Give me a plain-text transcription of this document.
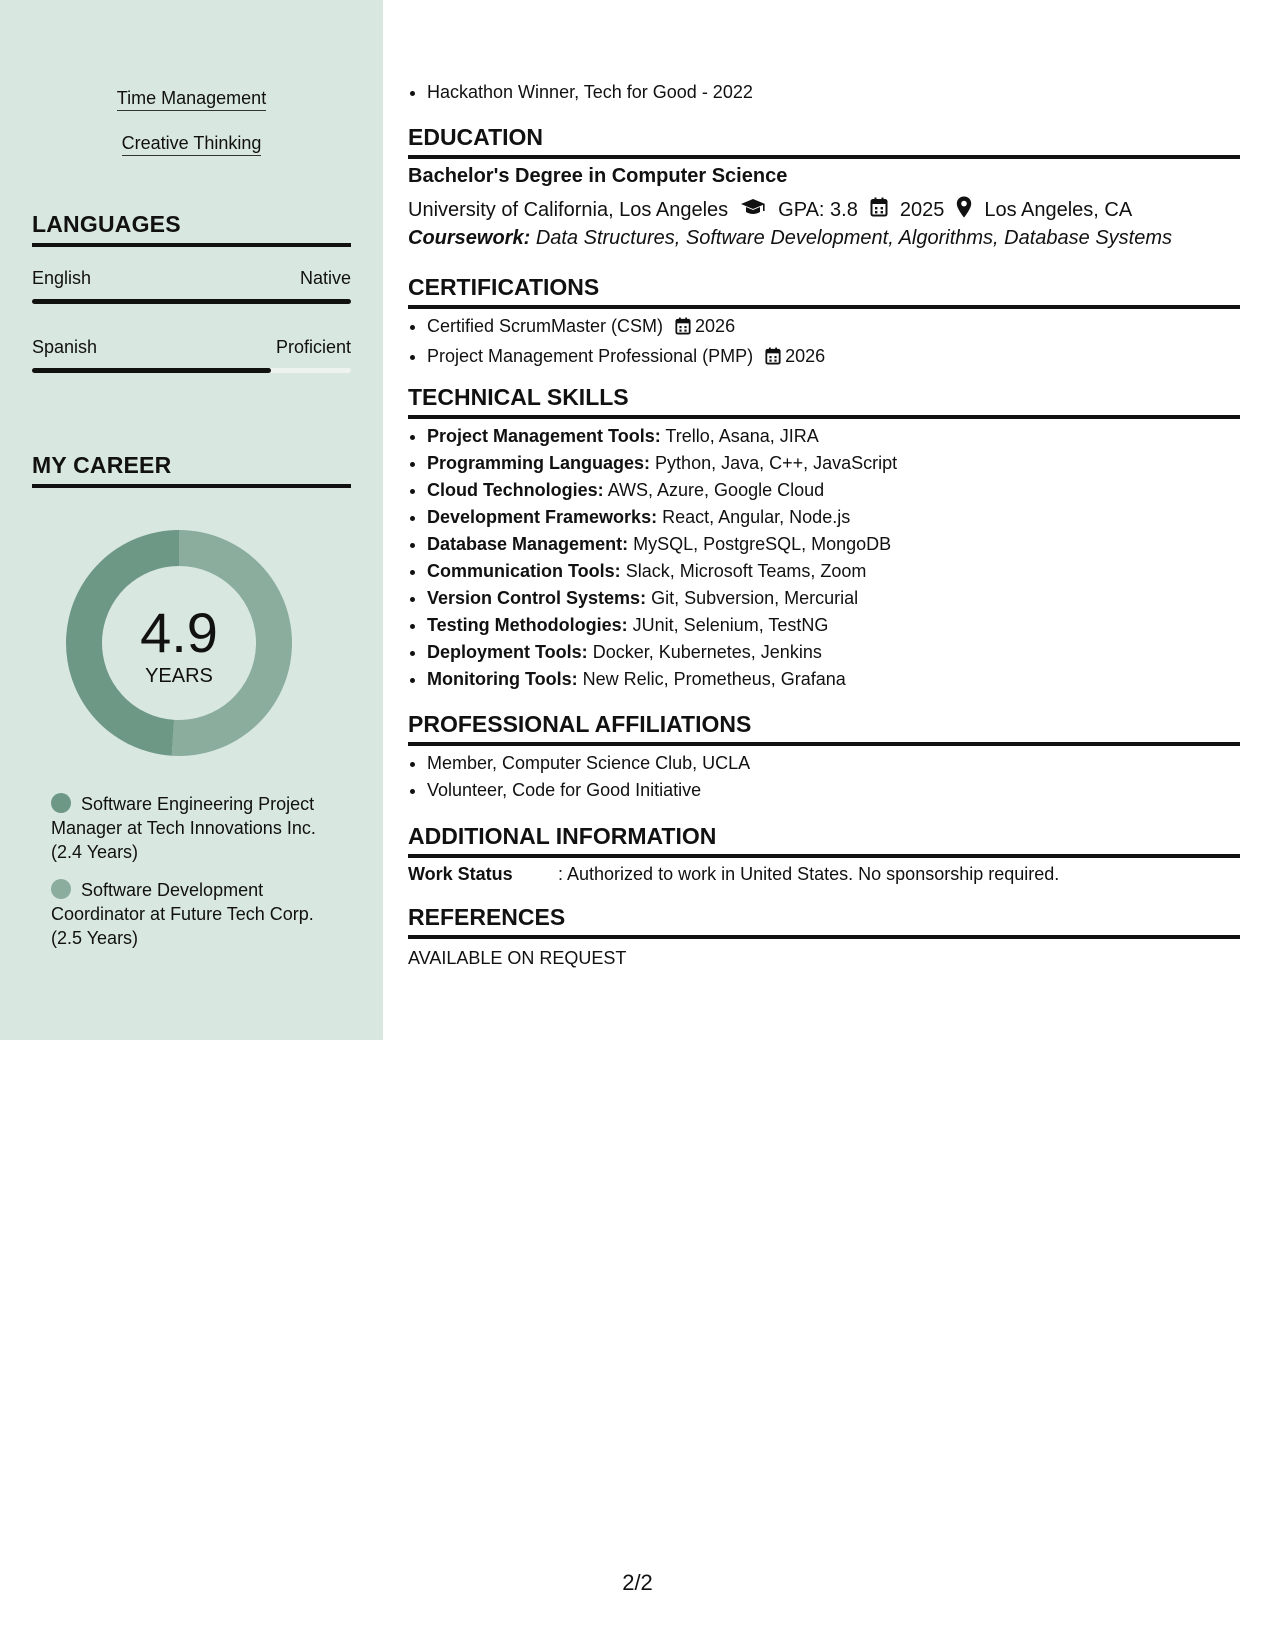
Time Management
Creative Thinking
LANGUAGES
English	Native
Spanish	Proficient
MY CAREER
4.9
YEARS
Software Engineering Project Manager at Tech Innovations Inc. (2.4 Years)
Software Development Coordinator at Future Tech Corp. (2.5 Years)
• Hackathon Winner, Tech for Good - 2022
EDUCATION
Bachelor's Degree in Computer Science
University of California, Los Angeles	GPA: 3.8 2025 Los Angeles, CA
Coursework: Data Structures, Software Development, Algorithms, Database Systems
CERTIFICATIONS
• Certified ScrumMaster (CSM) 2026
• Project Management Professional (PMP) 2026
TECHNICAL SKILLS
• Project Management Tools: Trello, Asana, JIRA
• Programming Languages: Python, Java, C++, JavaScript
• Cloud Technologies: AWS, Azure, Google Cloud
• Development Frameworks: React, Angular, Node.js
• Database Management: MySQL, PostgreSQL, MongoDB
• Communication Tools: Slack, Microsoft Teams, Zoom
• Version Control Systems: Git, Subversion, Mercurial
• Testing Methodologies: JUnit, Selenium, TestNG
• Deployment Tools: Docker, Kubernetes, Jenkins
• Monitoring Tools: New Relic, Prometheus, Grafana
PROFESSIONAL AFFILIATIONS
• Member, Computer Science Club, UCLA
• Volunteer, Code for Good Initiative
ADDITIONAL INFORMATION
Work Status	: Authorized to work in United States. No sponsorship required.
REFERENCES
AVAILABLE ON REQUEST
2/2
